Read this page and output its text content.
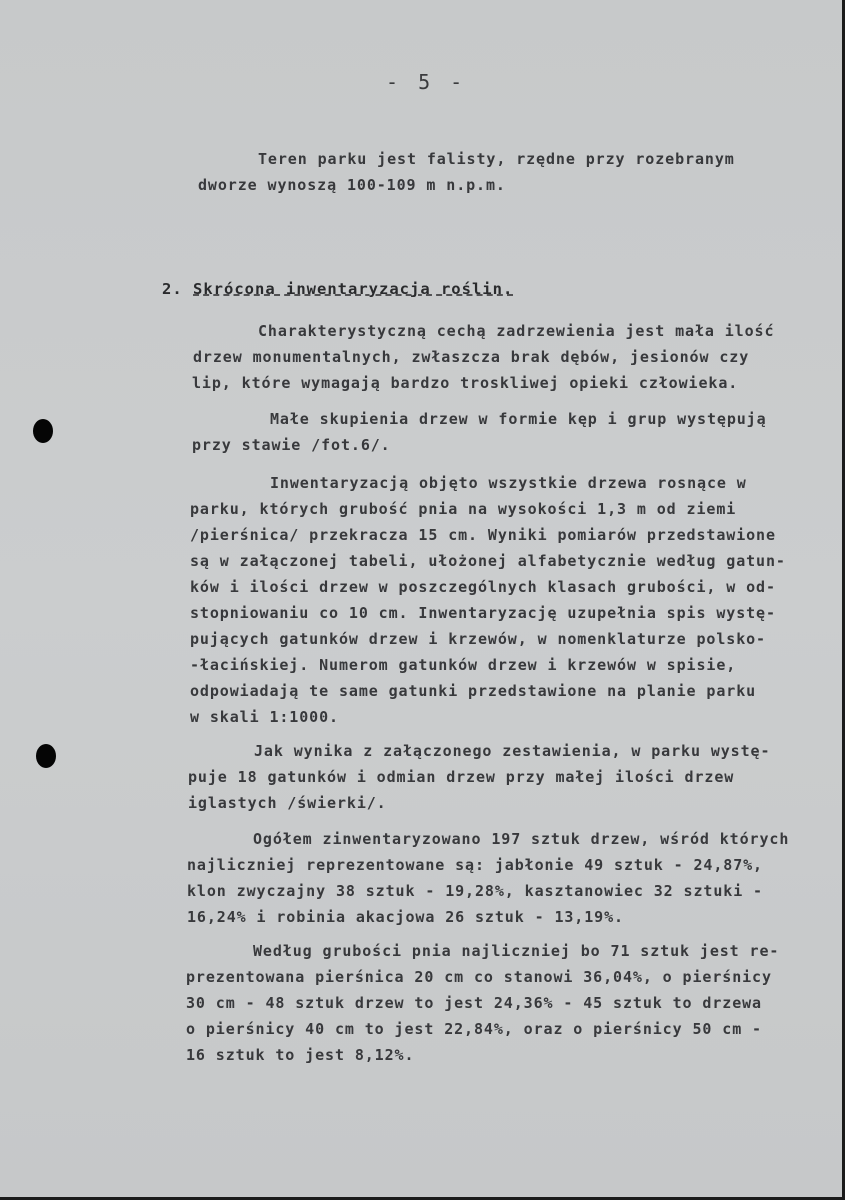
- 5 -
Teren parku jest falisty, rzędne przy rozebranym
dworze wynoszą 100-109 m n.p.m.
2. Skrócona inwentaryzacja roślin.
Charakterystyczną cechą zadrzewienia jest mała ilość
drzew monumentalnych, zwłaszcza brak dębów, jesionów czy
lip, które wymagają bardzo troskliwej opieki człowieka.
Małe skupienia drzew w formie kęp i grup występują
przy stawie /fot.6/.
Inwentaryzacją objęto wszystkie drzewa rosnące w
parku, których grubość pnia na wysokości 1,3 m od ziemi
/pierśnica/ przekracza 15 cm. Wyniki pomiarów przedstawione
są w załączonej tabeli, ułożonej alfabetycznie według gatun-
ków i ilości drzew w poszczególnych klasach grubości, w od-
stopniowaniu co 10 cm. Inwentaryzację uzupełnia spis wystę-
pujących gatunków drzew i krzewów, w nomenklaturze polsko-
-łacińskiej. Numerom gatunków drzew i krzewów w spisie,
odpowiadają te same gatunki przedstawione na planie parku
w skali 1:1000.
Jak wynika z załączonego zestawienia, w parku wystę-
puje 18 gatunków i odmian drzew przy małej ilości drzew
iglastych /świerki/.
Ogółem zinwentaryzowano 197 sztuk drzew, wśród których
najliczniej reprezentowane są: jabłonie 49 sztuk - 24,87%,
klon zwyczajny 38 sztuk - 19,28%, kasztanowiec 32 sztuki -
16,24% i robinia akacjowa 26 sztuk - 13,19%.
Według grubości pnia najliczniej bo 71 sztuk jest re-
prezentowana pierśnica 20 cm co stanowi 36,04%, o pierśnicy
30 cm - 48 sztuk drzew to jest 24,36% - 45 sztuk to drzewa
o pierśnicy 40 cm to jest 22,84%, oraz o pierśnicy 50 cm -
16 sztuk to jest 8,12%.
